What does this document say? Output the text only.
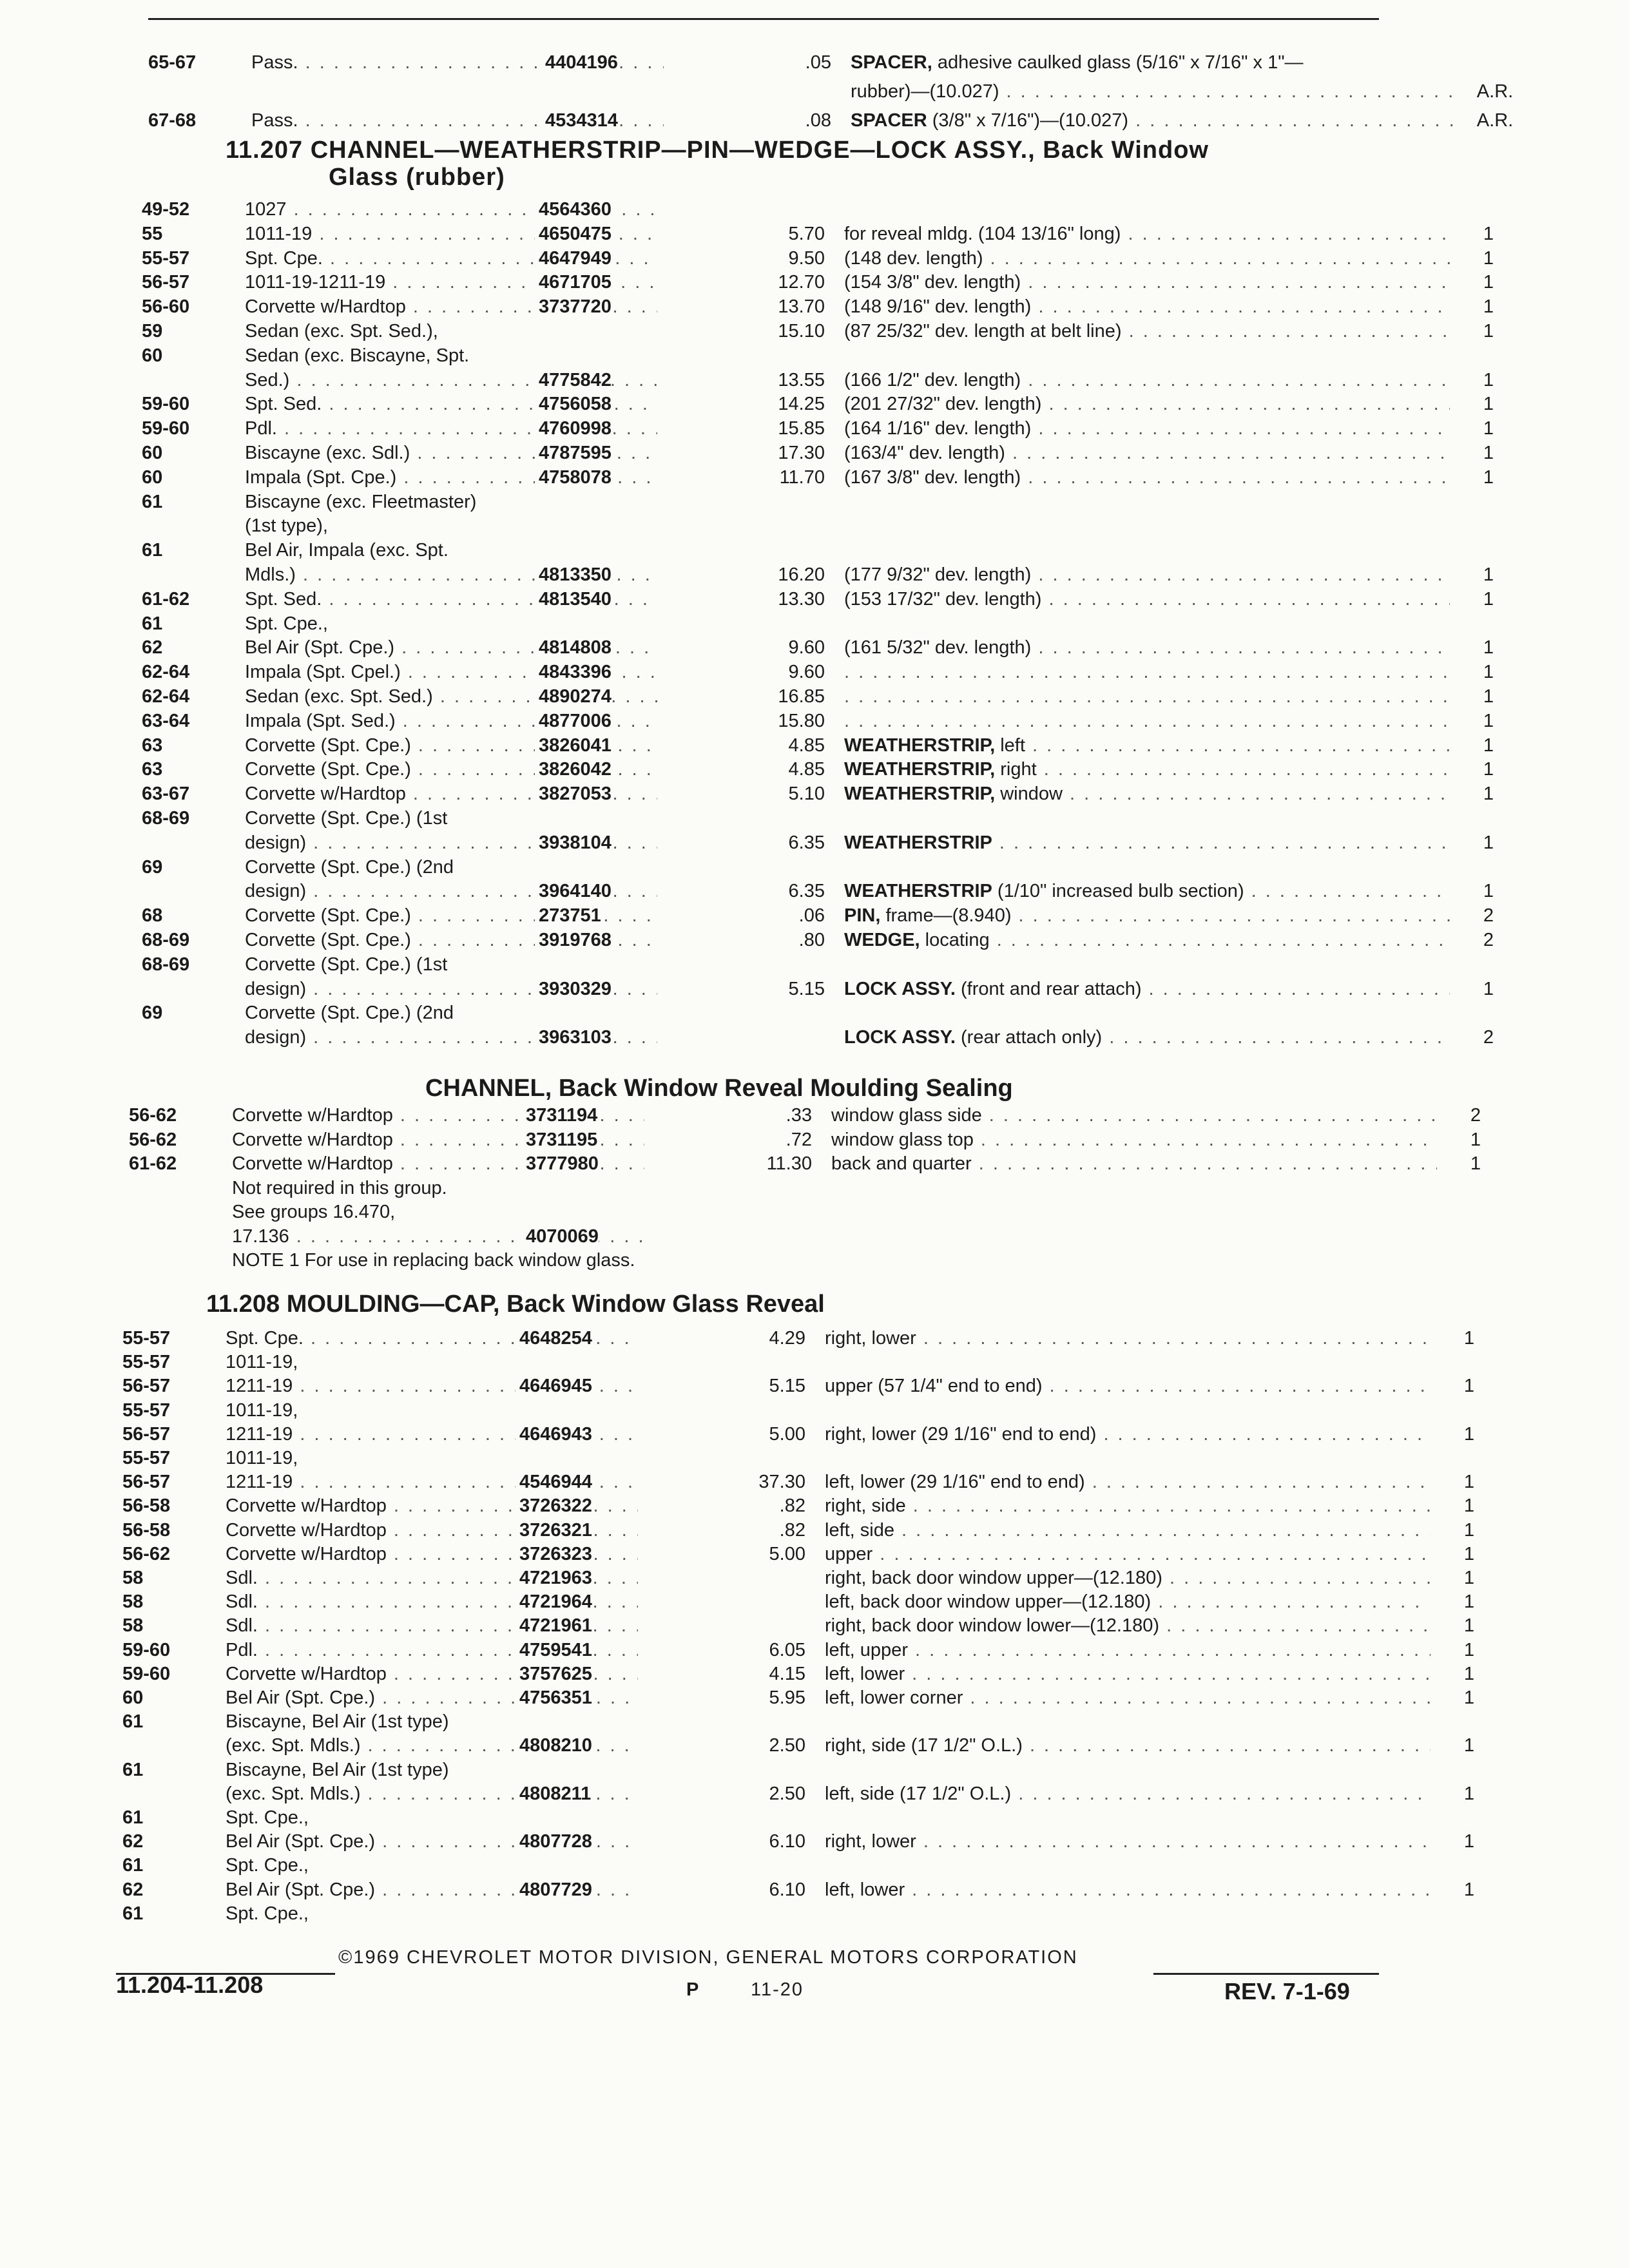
65-67	Pass. . . .	4404196	.05 SPACER, adhesive caulked glass (5/16" x 7/16" x 1"—
rubber)—(10.027) . . .	A.R.
67-68	Pass. . . .	4534314	.08 SPACER (3/8" x 7/16")—(10.027) . . .	A.R.
11.207 CHANNEL—WEATHERSTRIP—PIN—WEDGE—LOCK ASSY., Back Window
Glass (rubber)
49-52	1027 . . .	4564360
55	1011-19 . . .	4650475	5.70 for reveal mldg. (104 13/16" long) . . .	1
55-57	Spt. Cpe. . . .	4647949	9.50 (148 dev. length) . . .	1
56-57	1011-19-1211-19 . . .	4671705	12.70 (154 3/8" dev. length) . . .	1
56-60	Corvette w/Hardtop . . .	3737720	13.70 (148 9/16" dev. length) . . .	1
59	Sedan (exc. Spt. Sed.),	15.10 (87 25/32" dev. length at belt line) . . .	1
60	Sedan (exc. Biscayne, Spt.
Sed.) . . .	4775842	13.55 (166 1/2" dev. length) . . .	1
59-60	Spt. Sed. . . .	4756058	14.25 (201 27/32" dev. length) . . .	1
59-60	Pdl. . . .	4760998	15.85 (164 1/16" dev. length) . . .	1
60	Biscayne (exc. Sdl.) . . .	4787595	17.30 (163/4" dev. length) . . .	1
60	Impala (Spt. Cpe.) . . .	4758078	11.70 (167 3/8" dev. length) . . .	1
61	Biscayne (exc. Fleetmaster)
(1st type),
61	Bel Air, Impala (exc. Spt.
Mdls.) . . .	4813350	16.20 (177 9/32" dev. length) . . .	1
61-62	Spt. Sed. . . .	4813540	13.30 (153 17/32" dev. length) . . .	1
61	Spt. Cpe.,
62	Bel Air (Spt. Cpe.) . . .	4814808	9.60 (161 5/32" dev. length) . . .	1
62-64	Impala (Spt. Cpel.) . . .	4843396	9.60 . . .	1
62-64	Sedan (exc. Spt. Sed.) . . .	4890274	16.85 . . .	1
63-64	Impala (Spt. Sed.) . . .	4877006	15.80 . . .	1
63	Corvette (Spt. Cpe.) . . .	3826041	4.85 WEATHERSTRIP, left . . .	1
63	Corvette (Spt. Cpe.) . . .	3826042	4.85 WEATHERSTRIP, right . . .	1
63-67	Corvette w/Hardtop . . .	3827053	5.10 WEATHERSTRIP, window . . .	1
68-69	Corvette (Spt. Cpe.) (1st
design) . . .	3938104	6.35 WEATHERSTRIP . . .	1
69	Corvette (Spt. Cpe.) (2nd
design) . . .	3964140	6.35 WEATHERSTRIP (1/10" increased bulb section) . . .	1
68	Corvette (Spt. Cpe.) . . .	273751	.06 PIN, frame—(8.940) . . .	2
68-69	Corvette (Spt. Cpe.) . . .	3919768	.80 WEDGE, locating . . .	2
68-69	Corvette (Spt. Cpe.) (1st
design) . . .	3930329	5.15 LOCK ASSY. (front and rear attach) . . .	1
69	Corvette (Spt. Cpe.) (2nd
design) . . .	3963103	LOCK ASSY. (rear attach only) . . .	2
CHANNEL, Back Window Reveal Moulding Sealing
56-62	Corvette w/Hardtop . . .	3731194	.33 window glass side . . .	2
56-62	Corvette w/Hardtop . . .	3731195	.72 window glass top . . .	1
61-62	Corvette w/Hardtop . . .	3777980	11.30 back and quarter . . .	1
Not required in this group.
See groups 16.470,
17.136 . . .	4070069
NOTE 1 For use in replacing back window glass.
11.208 MOULDING—CAP, Back Window Glass Reveal
55-57	Spt. Cpe. . . .	4648254	4.29 right, lower . . .	1
55-57	1011-19,
56-57	1211-19 . . .	4646945	5.15 upper (57 1/4" end to end) . . .	1
55-57	1011-19,
56-57	1211-19 . . .	4646943	5.00 right, lower (29 1/16" end to end) . . .	1
55-57	1011-19,
56-57	1211-19 . . .	4546944	37.30 left, lower (29 1/16" end to end) . . .	1
56-58	Corvette w/Hardtop . . .	3726322	.82 right, side . . .	1
56-58	Corvette w/Hardtop . . .	3726321	.82 left, side . . .	1
56-62	Corvette w/Hardtop . . .	3726323	5.00 upper . . .	1
58	Sdl. . . .	4721963	right, back door window upper—(12.180) . . .	1
58	Sdl. . . .	4721964	left, back door window upper—(12.180) . . .	1
58	Sdl. . . .	4721961	right, back door window lower—(12.180) . . .	1
59-60	Pdl. . . .	4759541	6.05 left, upper . . .	1
59-60	Corvette w/Hardtop . . .	3757625	4.15 left, lower . . .	1
60	Bel Air (Spt. Cpe.) . . .	4756351	5.95 left, lower corner . . .	1
61	Biscayne, Bel Air (1st type)
(exc. Spt. Mdls.) . . .	4808210	2.50 right, side (17 1/2" O.L.) . . .	1
61	Biscayne, Bel Air (1st type)
(exc. Spt. Mdls.) . . .	4808211	2.50 left, side (17 1/2" O.L.) . . .	1
61	Spt. Cpe.,
62	Bel Air (Spt. Cpe.) . . .	4807728	6.10 right, lower . . .	1
61	Spt. Cpe.,
62	Bel Air (Spt. Cpe.) . . .	4807729	6.10 left, lower . . .	1
61	Spt. Cpe.,
©1969 CHEVROLET MOTOR DIVISION, GENERAL MOTORS CORPORATION
11.204-11.208	P	11-20	REV. 7-1-69
